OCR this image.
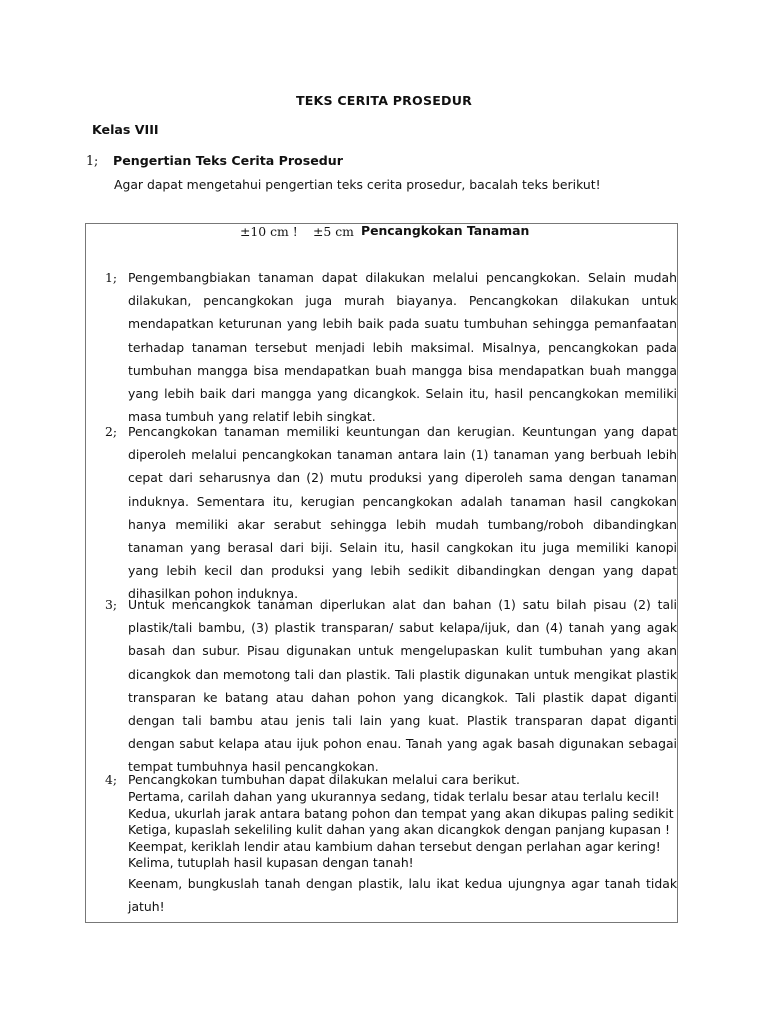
TEKS CERITA PROSEDUR
Kelas VIII
1; Pengertian Teks Cerita Prosedur
Agar dapat mengetahui pengertian teks cerita prosedur, bacalah teks berikut!
±10 cm ! ±5 cm Pencangkokan Tanaman
1; Pengembangbiakan tanaman dapat dilakukan melalui pencangkokan. Selain mudah dilakukan, pencangkokan juga murah biayanya. Pencangkokan dilakukan untuk mendapatkan keturunan yang lebih baik pada suatu tumbuhan sehingga pemanfaatan terhadap tanaman tersebut menjadi lebih maksimal. Misalnya, pencangkokan pada tumbuhan mangga bisa mendapatkan buah mangga bisa mendapatkan buah mangga yang lebih baik dari mangga yang dicangkok. Selain itu, hasil pencangkokan memiliki masa tumbuh yang relatif lebih singkat.
2; Pencangkokan tanaman memiliki keuntungan dan kerugian. Keuntungan yang dapat diperoleh melalui pencangkokan tanaman antara lain (1) tanaman yang berbuah lebih cepat dari seharusnya dan (2) mutu produksi yang diperoleh sama dengan tanaman induknya. Sementara itu, kerugian pencangkokan adalah tanaman hasil cangkokan hanya memiliki akar serabut sehingga lebih mudah tumbang/roboh dibandingkan tanaman yang berasal dari biji. Selain itu, hasil cangkokan itu juga memiliki kanopi yang lebih kecil dan produksi yang lebih sedikit dibandingkan dengan yang dapat dihasilkan pohon induknya.
3; Untuk mencangkok tanaman diperlukan alat dan bahan (1) satu bilah pisau (2) tali plastik/tali bambu, (3) plastik transparan/ sabut kelapa/ijuk, dan (4) tanah yang agak basah dan subur. Pisau digunakan untuk mengelupaskan kulit tumbuhan yang akan dicangkok dan memotong tali dan plastik. Tali plastik digunakan untuk mengikat plastik transparan ke batang atau dahan pohon yang dicangkok. Tali plastik dapat diganti dengan tali bambu atau jenis tali lain yang kuat. Plastik transparan dapat diganti dengan sabut kelapa atau ijuk pohon enau. Tanah yang agak basah digunakan sebagai tempat tumbuhnya hasil pencangkokan.
4; Pencangkokan tumbuhan dapat dilakukan melalui cara berikut.
Pertama, carilah dahan yang ukurannya sedang, tidak terlalu besar atau terlalu kecil!
Kedua, ukurlah jarak antara batang pohon dan tempat yang akan dikupas paling sedikit
Ketiga, kupaslah sekeliling kulit dahan yang akan dicangkok dengan panjang kupasan !
Keempat, keriklah lendir atau kambium dahan tersebut dengan perlahan agar kering!
Kelima, tutuplah hasil kupasan dengan tanah!
Keenam, bungkuslah tanah dengan plastik, lalu ikat kedua ujungnya agar tanah tidak jatuh!
